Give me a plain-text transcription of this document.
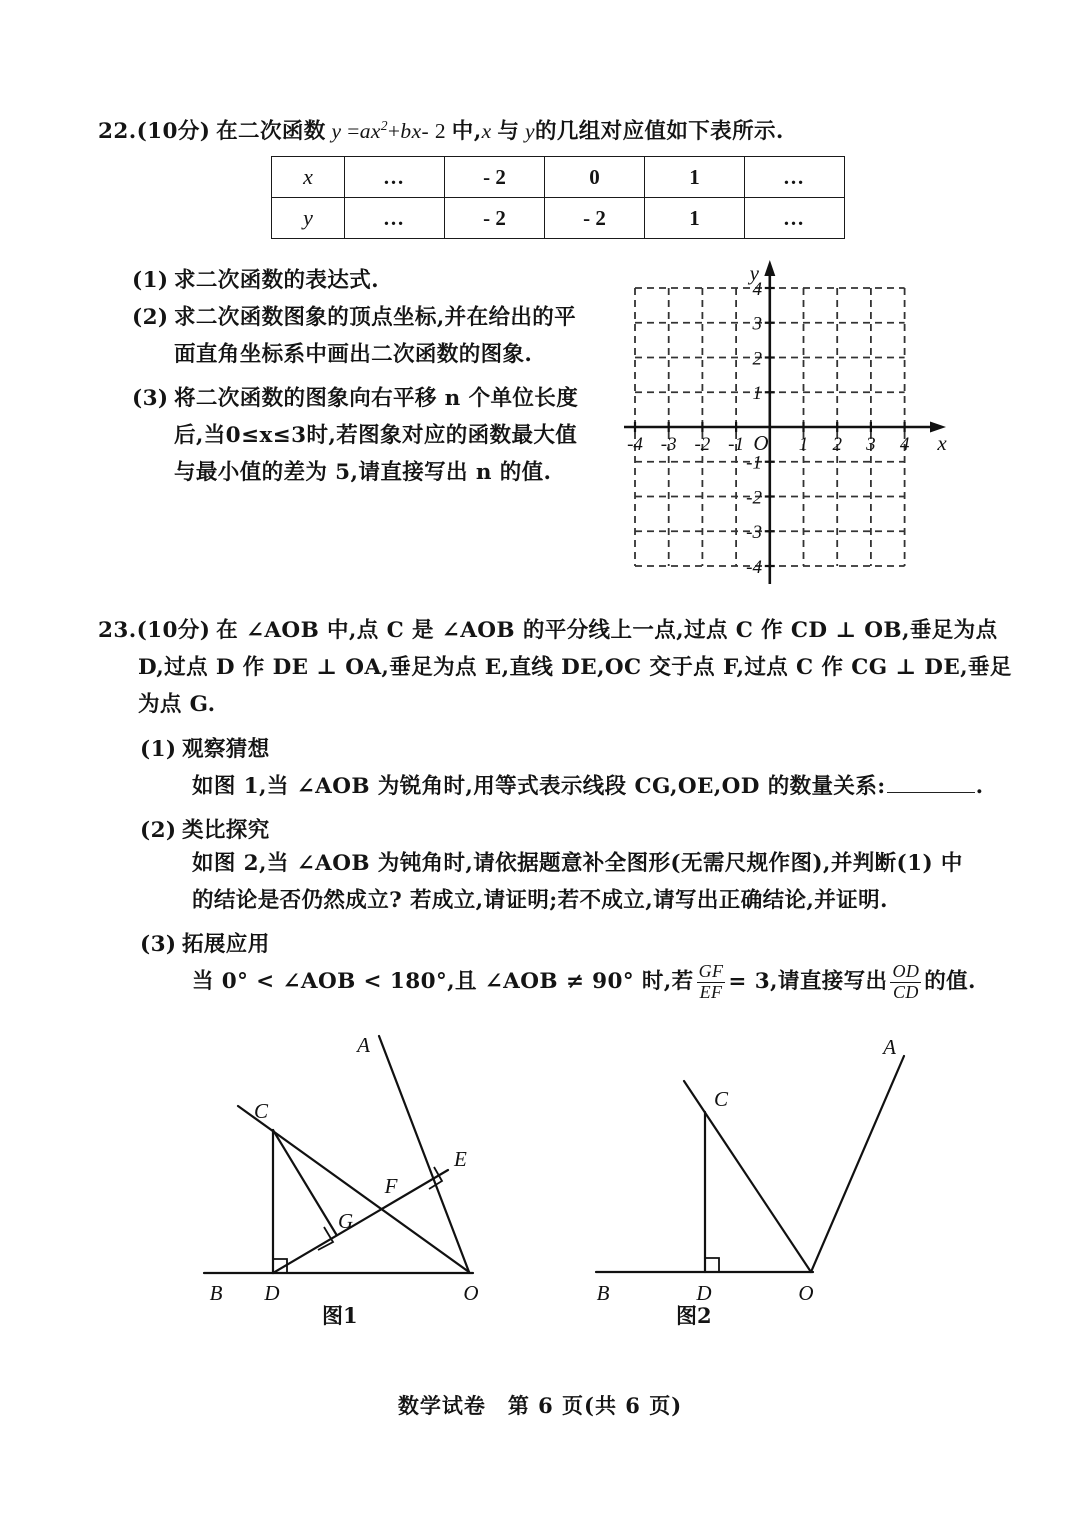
22.(10分) 在二次函数 $y =ax^2+bx-$ 2 中,x 与 y的几组对应值如下表所示.
x	…	- 2	0	1	…
y	…	- 2	- 2	1	…
(1) 求二次函数的表达式.
(2) 求二次函数图象的顶点坐标,并在给出的平
面直角坐标系中画出二次函数的图象.
(3) 将二次函数的图象向右平移 n 个单位长度
后,当0≤x≤3时,若图象对应的函数最大值
与最小值的差为 5,请直接写出 n 的值.
-4 -3 -2 -1	1 2 3 4
4
3
2
1
-1
-2
-3
-4
y
x
O
23.(10分) 在 ∠AOB 中,点 C 是 ∠AOB 的平分线上一点,过点 C 作 CD ⊥ OB,垂足为点
D,过点 D 作 DE ⊥ OA,垂足为点 E,直线 DE,OC 交于点 F,过点 C 作 CG ⊥ DE,垂足
为点 G.
(1) 观察猜想
如图 1,当 ∠AOB 为锐角时,用等式表示线段 CG,OE,OD 的数量关系:	.
(2) 类比探究
如图 2,当 ∠AOB 为钝角时,请依据题意补全图形(无需尺规作图),并判断(1) 中
的结论是否仍然成立? 若成立,请证明;若不成立,请写出正确结论,并证明.
(3) 拓展应用
当 0° < ∠AOB < 180°,且 ∠AOB ≠ 90° 时,若 $\frac{GF}{EF} = 3$,请直接写出 $\frac{OD}{CD}$ 的值.
A
C
E
F
G
B D	O
图1
A
C
B	D	O
图2
数学试卷　第 6 页(共 6 页)
